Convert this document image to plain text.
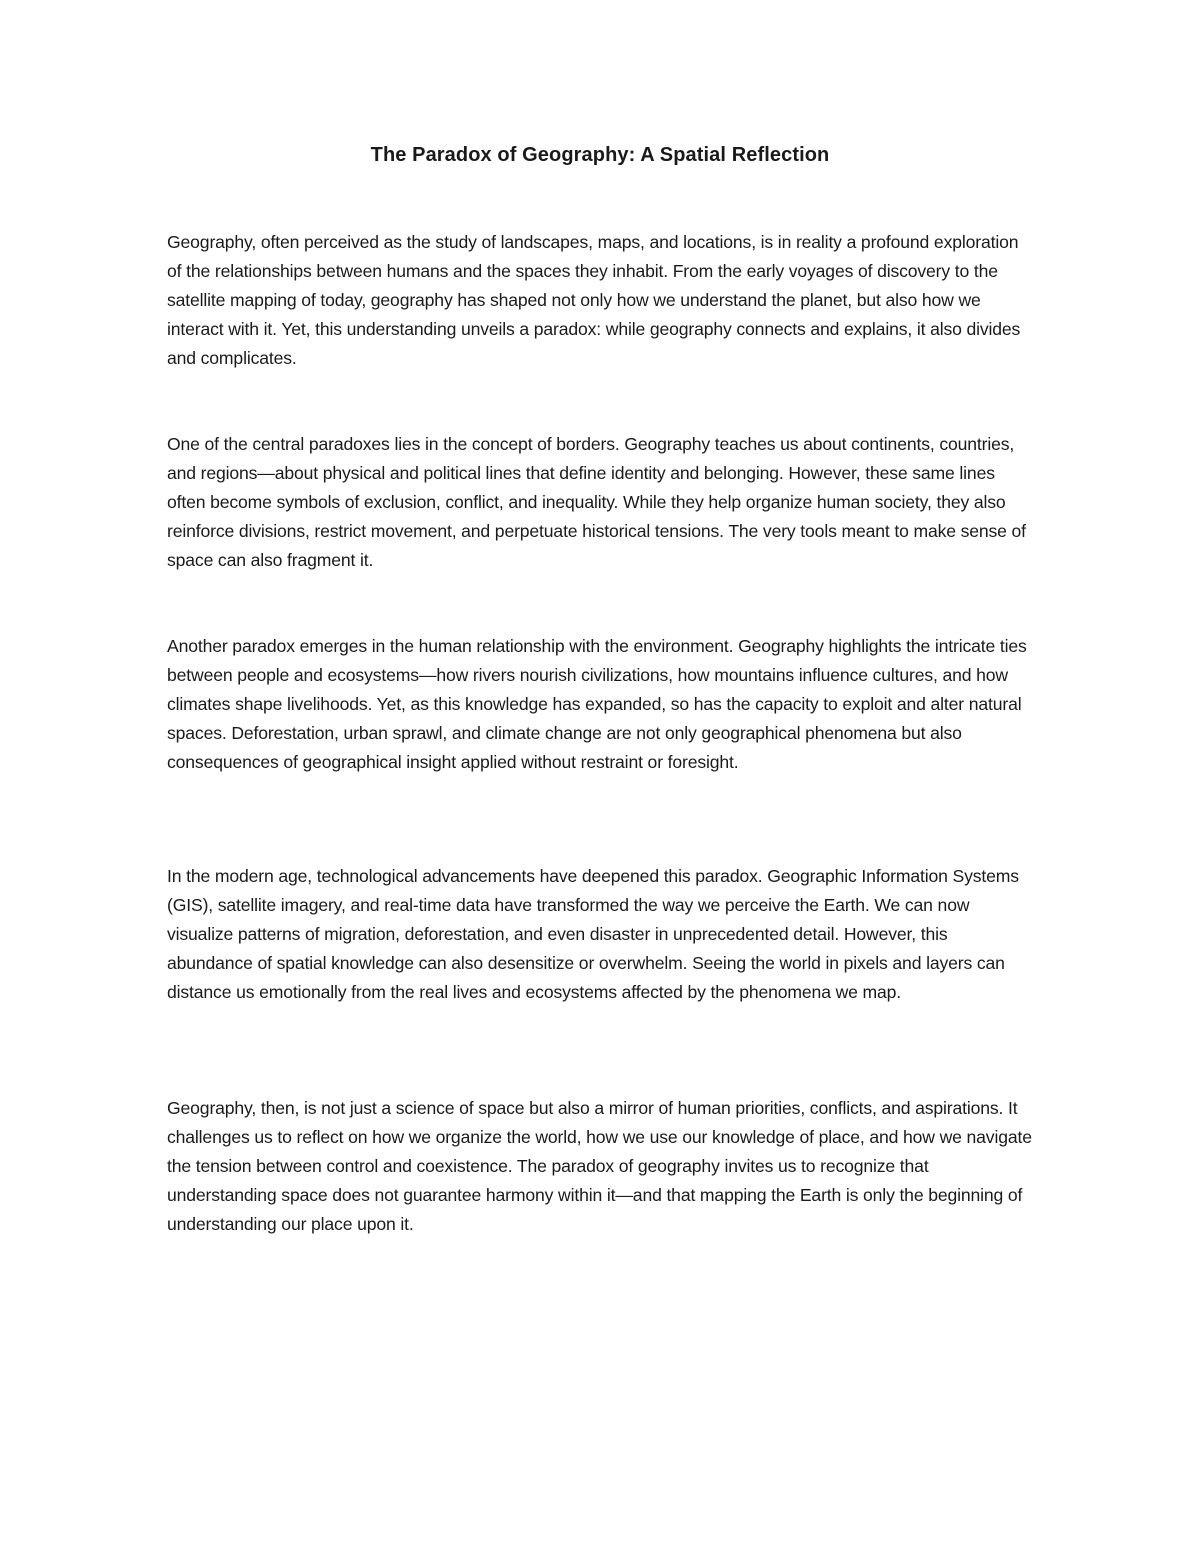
The Paradox of Geography: A Spatial Reflection

Geography, often perceived as the study of landscapes, maps, and locations, is in reality a profound exploration of the relationships between humans and the spaces they inhabit. From the early voyages of discovery to the satellite mapping of today, geography has shaped not only how we understand the planet, but also how we interact with it. Yet, this understanding unveils a paradox: while geography connects and explains, it also divides and complicates.

One of the central paradoxes lies in the concept of borders. Geography teaches us about continents, countries, and regions—about physical and political lines that define identity and belonging. However, these same lines often become symbols of exclusion, conflict, and inequality. While they help organize human society, they also reinforce divisions, restrict movement, and perpetuate historical tensions. The very tools meant to make sense of space can also fragment it.

Another paradox emerges in the human relationship with the environment. Geography highlights the intricate ties between people and ecosystems—how rivers nourish civilizations, how mountains influence cultures, and how climates shape livelihoods. Yet, as this knowledge has expanded, so has the capacity to exploit and alter natural spaces. Deforestation, urban sprawl, and climate change are not only geographical phenomena but also consequences of geographical insight applied without restraint or foresight.

In the modern age, technological advancements have deepened this paradox. Geographic Information Systems (GIS), satellite imagery, and real-time data have transformed the way we perceive the Earth. We can now visualize patterns of migration, deforestation, and even disaster in unprecedented detail. However, this abundance of spatial knowledge can also desensitize or overwhelm. Seeing the world in pixels and layers can distance us emotionally from the real lives and ecosystems affected by the phenomena we map.

Geography, then, is not just a science of space but also a mirror of human priorities, conflicts, and aspirations. It challenges us to reflect on how we organize the world, how we use our knowledge of place, and how we navigate the tension between control and coexistence. The paradox of geography invites us to recognize that understanding space does not guarantee harmony within it—and that mapping the Earth is only the beginning of understanding our place upon it.
